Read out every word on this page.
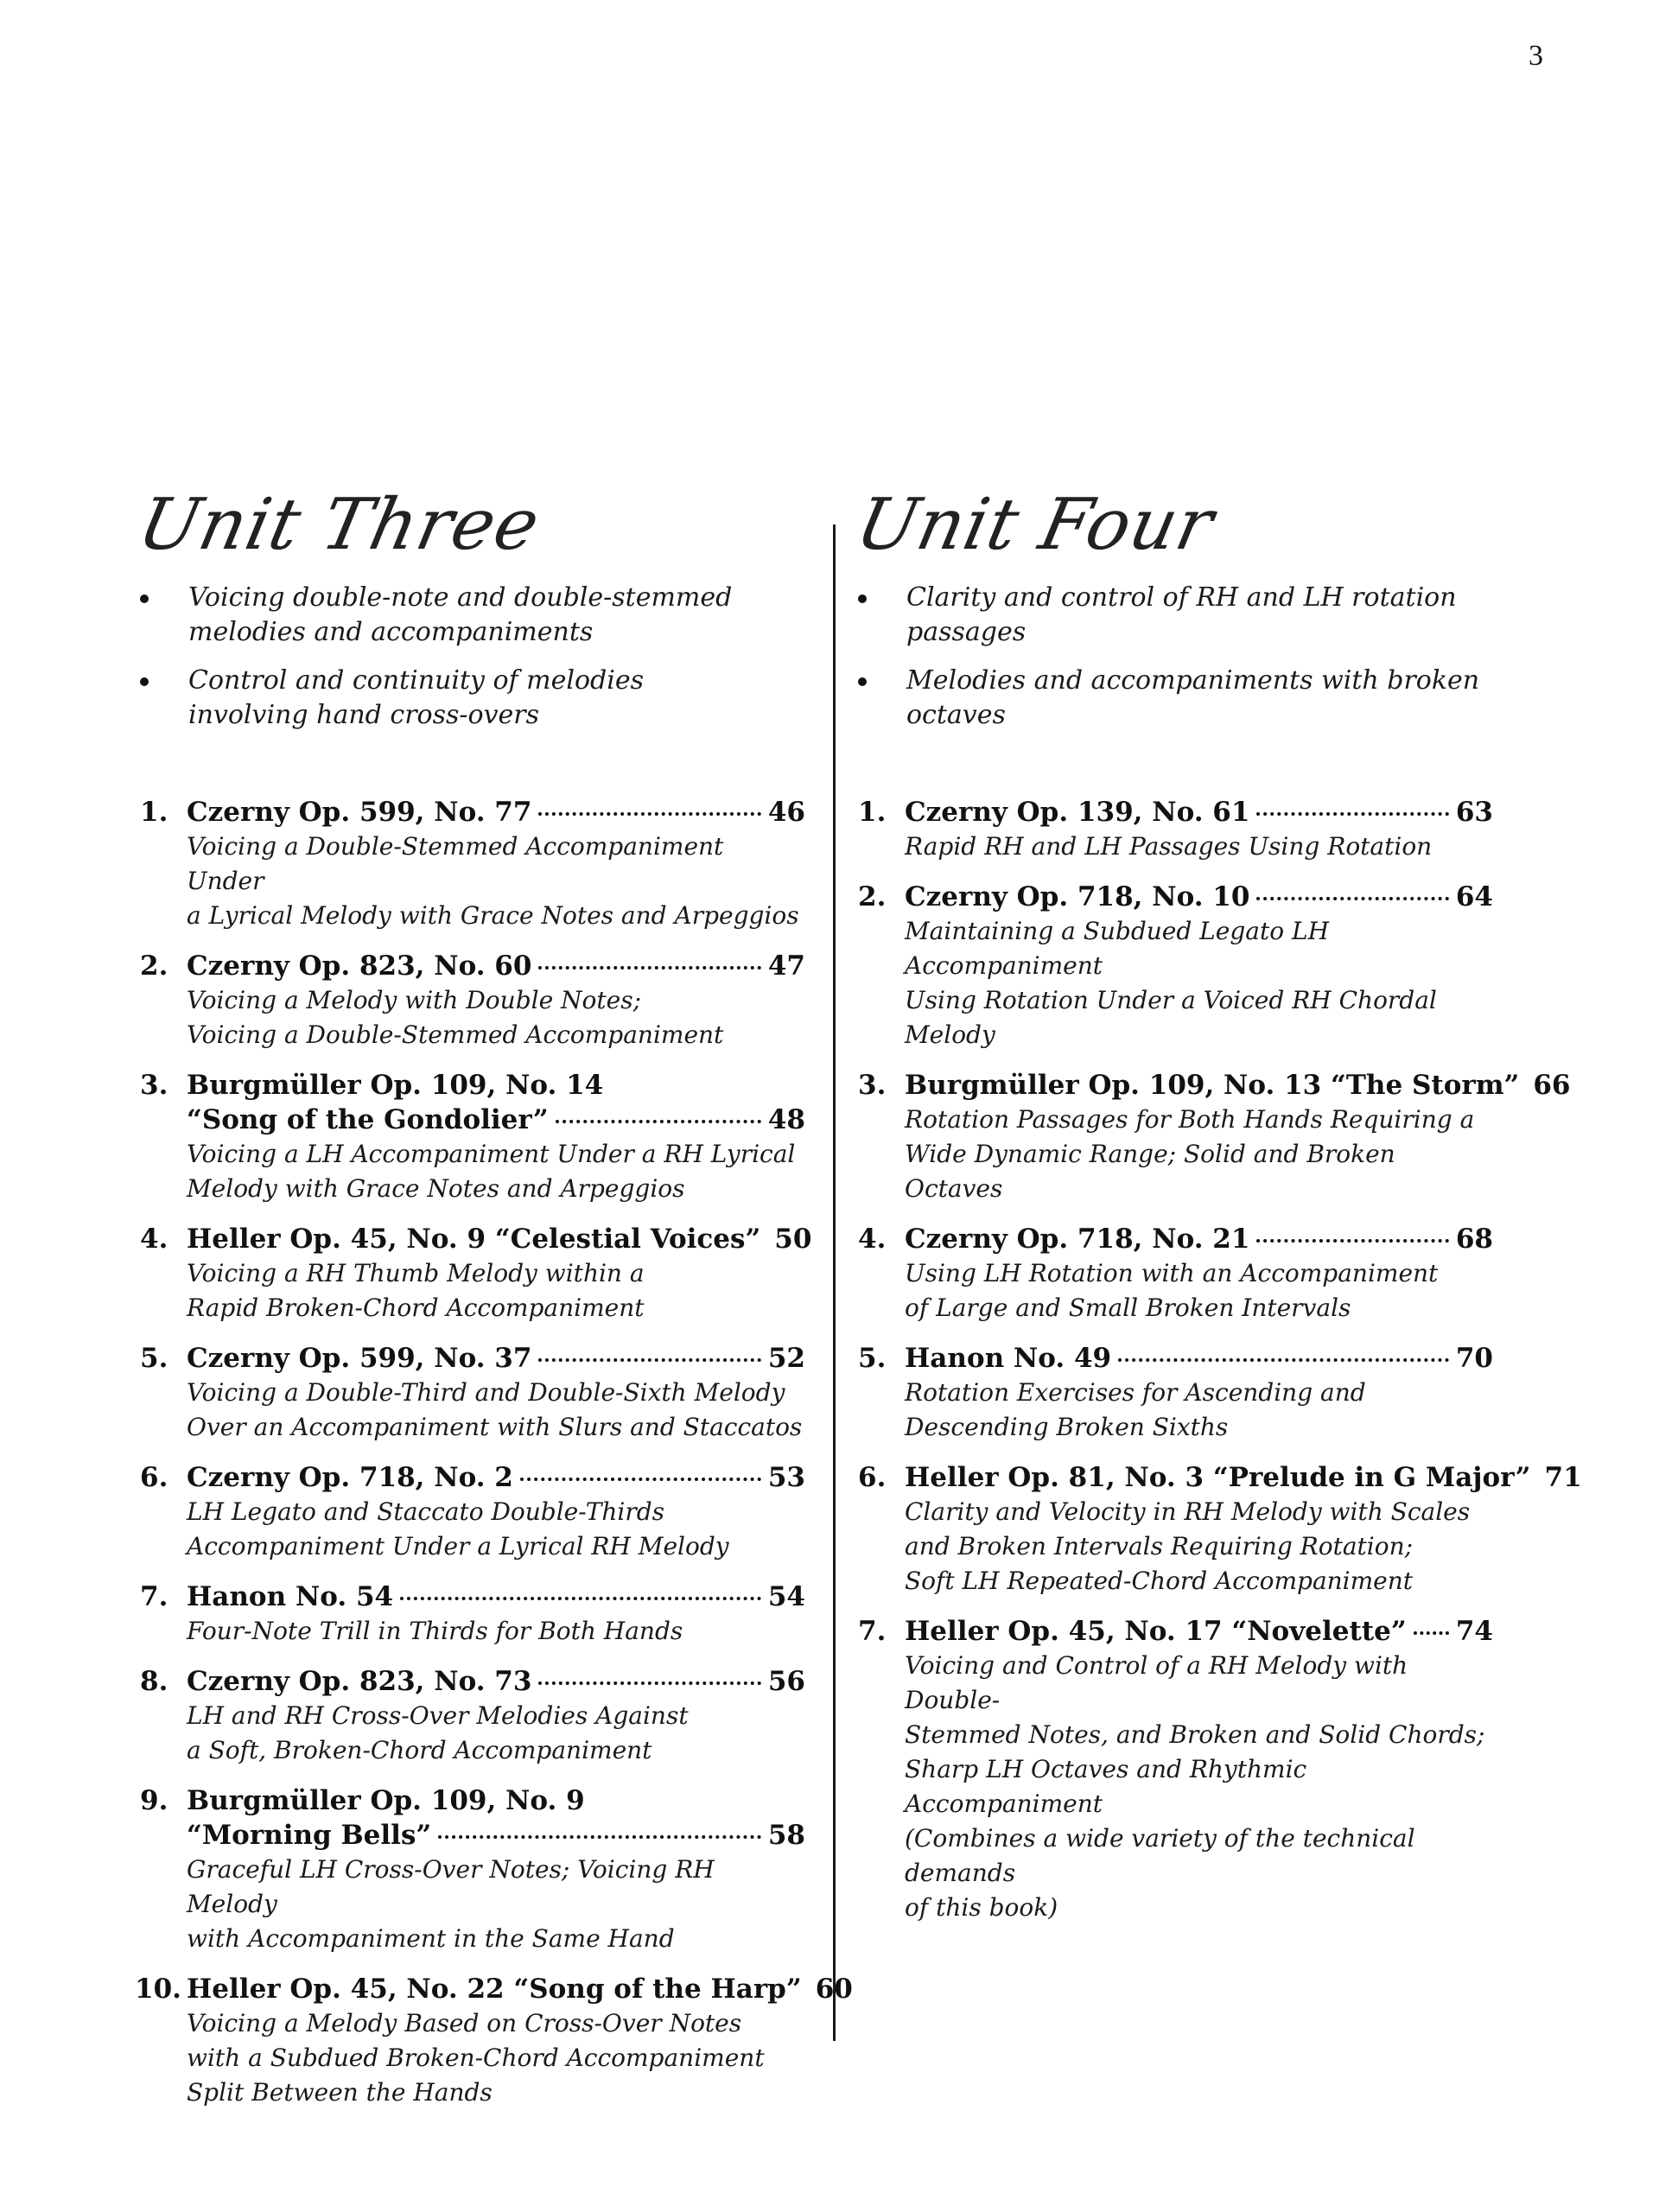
3
Unit Three
Voicing double-note and double-stemmed
melodies and accompaniments
Control and continuity of melodies
involving hand cross-overs
1. Czerny Op. 599, No. 77	46
Voicing a Double-Stemmed Accompaniment Under
a Lyrical Melody with Grace Notes and Arpeggios
2. Czerny Op. 823, No. 60	47
Voicing a Melody with Double Notes;
Voicing a Double-Stemmed Accompaniment
3. Burgmüller Op. 109, No. 14
“Song of the Gondolier”	48
Voicing a LH Accompaniment Under a RH Lyrical
Melody with Grace Notes and Arpeggios
4. Heller Op. 45, No. 9 “Celestial Voices” 50
Voicing a RH Thumb Melody within a
Rapid Broken-Chord Accompaniment
5. Czerny Op. 599, No. 37	52
Voicing a Double-Third and Double-Sixth Melody
Over an Accompaniment with Slurs and Staccatos
6. Czerny Op. 718, No. 2	53
LH Legato and Staccato Double-Thirds
Accompaniment Under a Lyrical RH Melody
7. Hanon No. 54	54
Four-Note Trill in Thirds for Both Hands
8. Czerny Op. 823, No. 73	56
LH and RH Cross-Over Melodies Against
a Soft, Broken-Chord Accompaniment
9. Burgmüller Op. 109, No. 9
“Morning Bells”	58
Graceful LH Cross-Over Notes; Voicing RH Melody
with Accompaniment in the Same Hand
10. Heller Op. 45, No. 22 “Song of the Harp” 60
Voicing a Melody Based on Cross-Over Notes
with a Subdued Broken-Chord Accompaniment
Split Between the Hands
Unit Four
Clarity and control of RH and LH rotation passages
Melodies and accompaniments with broken octaves
1. Czerny Op. 139, No. 61	63
Rapid RH and LH Passages Using Rotation
2. Czerny Op. 718, No. 10	64
Maintaining a Subdued Legato LH Accompaniment
Using Rotation Under a Voiced RH Chordal Melody
3. Burgmüller Op. 109, No. 13 “The Storm” 66
Rotation Passages for Both Hands Requiring a
Wide Dynamic Range; Solid and Broken Octaves
4. Czerny Op. 718, No. 21	68
Using LH Rotation with an Accompaniment
of Large and Small Broken Intervals
5. Hanon No. 49	70
Rotation Exercises for Ascending and
Descending Broken Sixths
6. Heller Op. 81, No. 3 “Prelude in G Major” 71
Clarity and Velocity in RH Melody with Scales
and Broken Intervals Requiring Rotation;
Soft LH Repeated-Chord Accompaniment
7. Heller Op. 45, No. 17 “Novelette” 74
Voicing and Control of a RH Melody with Double-
Stemmed Notes, and Broken and Solid Chords;
Sharp LH Octaves and Rhythmic Accompaniment
(Combines a wide variety of the technical demands
of this book)
